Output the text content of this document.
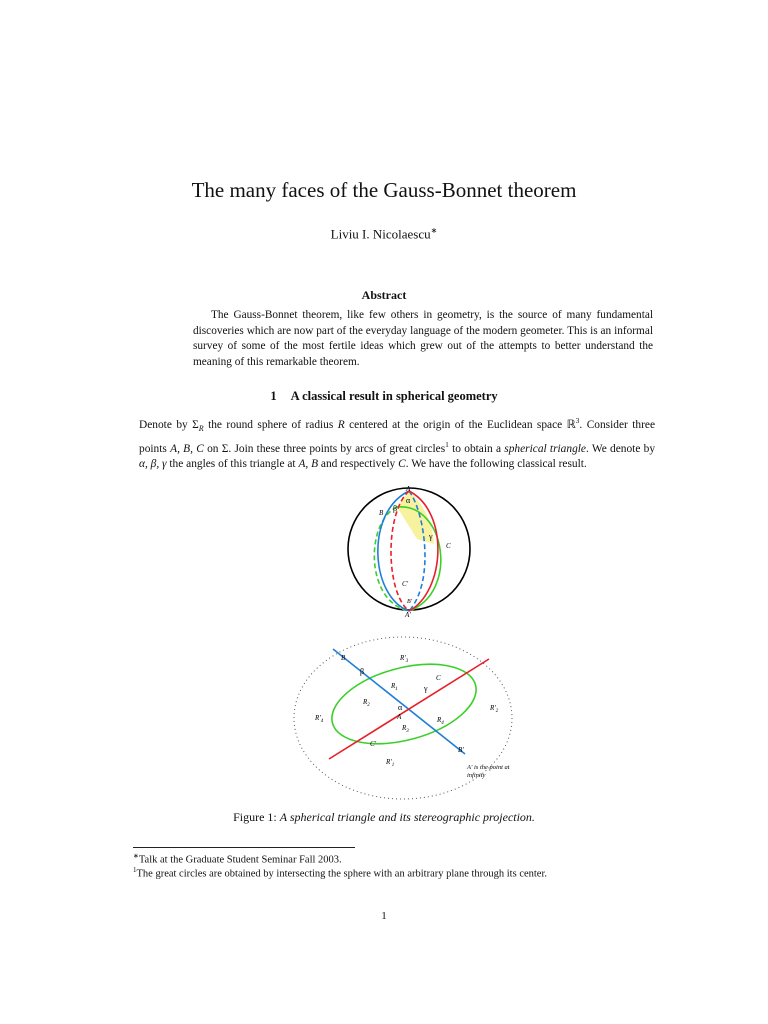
The many faces of the Gauss-Bonnet theorem
Liviu I. Nicolaescu∗
Abstract
The Gauss-Bonnet theorem, like few others in geometry, is the source of many fundamental discoveries which are now part of the everyday language of the modern geometer. This is an informal survey of some of the most fertile ideas which grew out of the attempts to better understand the meaning of this remarkable theorem.
1 A classical result in spherical geometry
Denote by $\Sigma_R$ the round sphere of radius R centered at the origin of the Euclidean space ℝ$^3$. Consider three points A, B, C on Σ. Join these three points by arcs of great circles$^1$ to obtain a spherical triangle. We denote by α, β, γ the angles of this triangle at A, B and respectively C. We have the following classical result.
A
α
B β
γ
C
C'
B'
A'
B
β
$R'_3$
C
γ
$R_1$
$R_2$	α
A
$R'_4$	$R_4$
$R'_2$
$R_3$
C'
B'
$R'_1$	A' is the point at
infinity
Figure 1: A spherical triangle and its stereographic projection.
∗Talk at the Graduate Student Seminar Fall 2003.
$^1$The great circles are obtained by intersecting the sphere with an arbitrary plane through its center.
1
